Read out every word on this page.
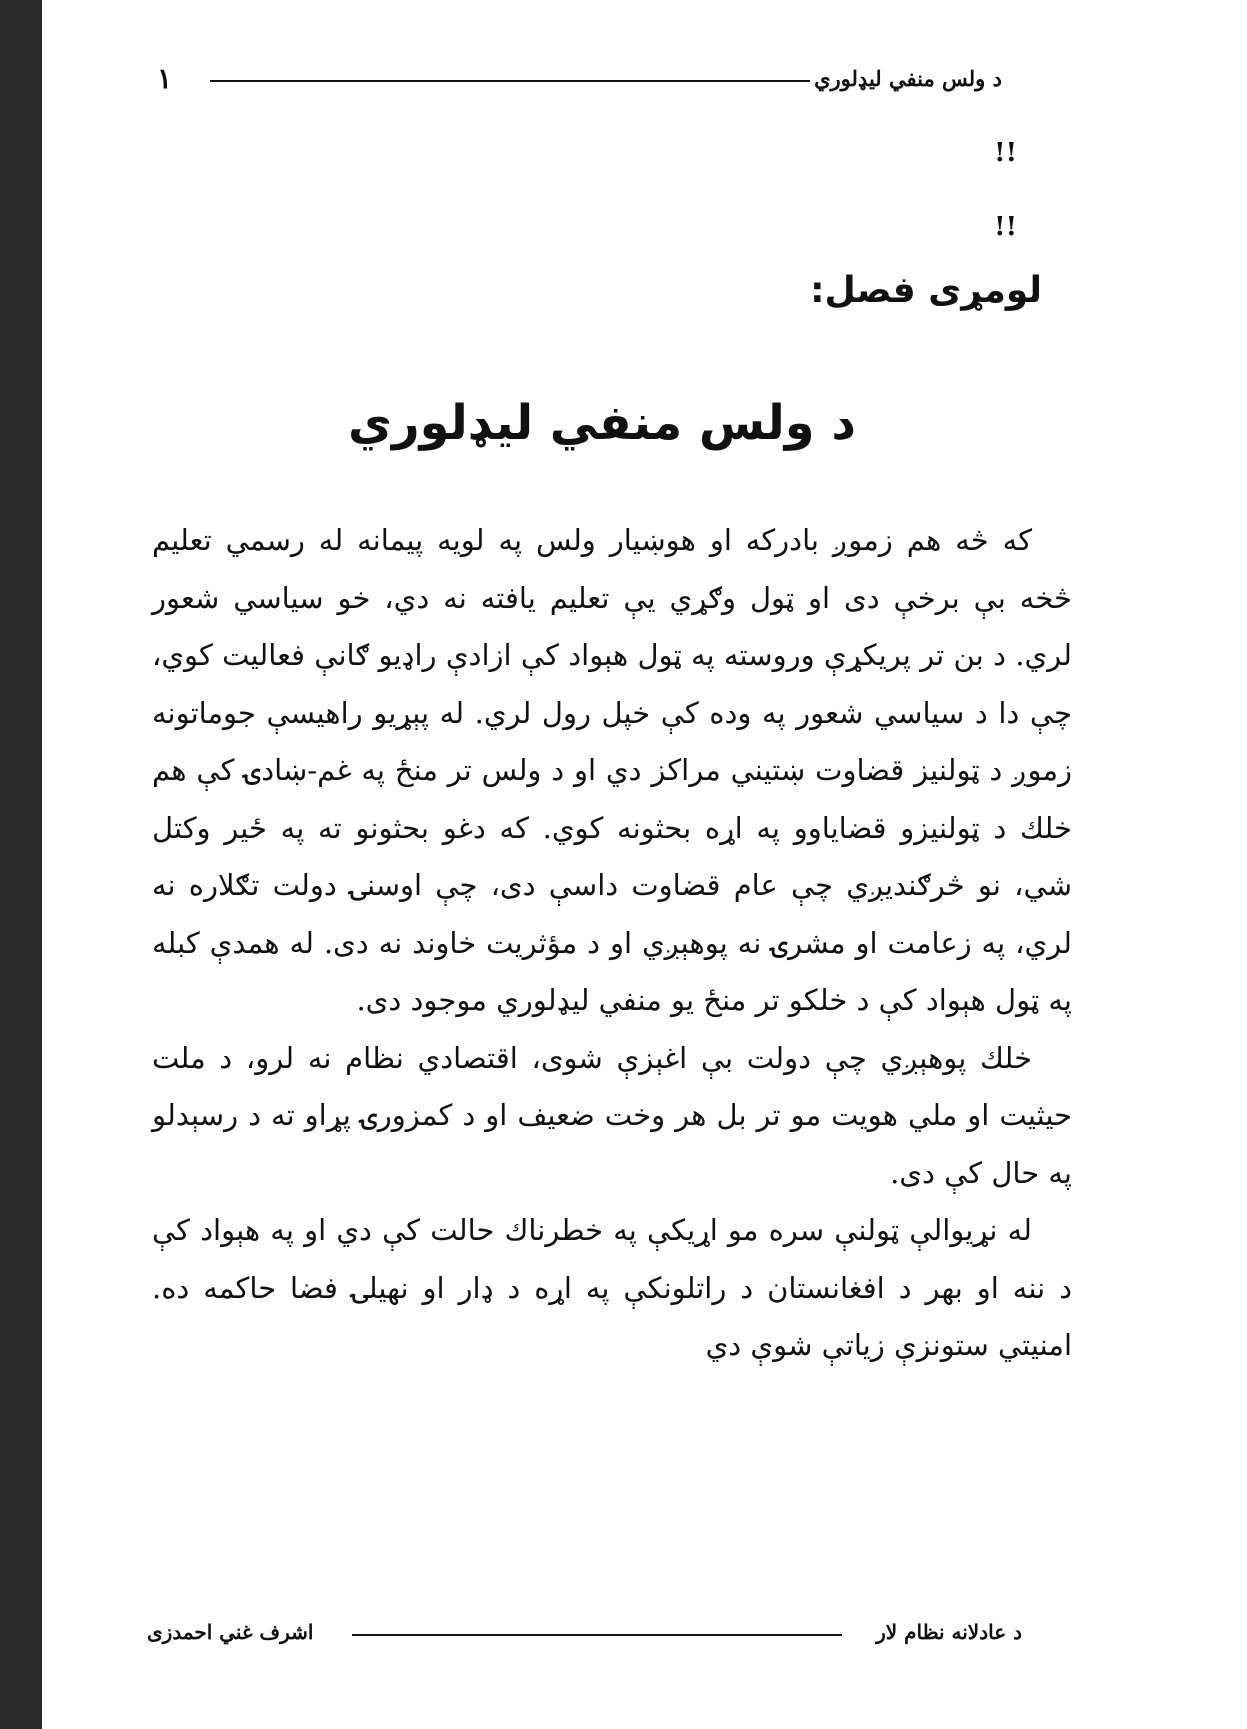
د ولس منفي ليډلوري
۱
!!
!!
لومړی فصل:
د ولس منفي ليډلوري

كه څه هم زموږ بادركه او هوښيار ولس په لويه پيمانه له رسمي تعليم څخه بې برخې دی او ټول وګړي يې تعليم يافته نه دي، خو سياسي شعور لري. د بن تر پريكړې وروسته په ټول هېواد كې ازادې راډيو ګانې فعاليت كوي، چې دا د سياسي شعور په وده كې خپل رول لري. له پېړيو راهيسې جوماتونه زموږ د ټولنيز قضاوت ښتيني مراكز دي او د ولس تر منځ په غم-ښادۍ كې هم خلك د ټولنيزو قضاياوو په اړه بحثونه كوي. كه دغو بحثونو ته په ځير وكتل شي، نو څرګنديږي چې عام قضاوت داسې دی، چې اوسنۍ دولت تګلاره نه لري، په زعامت او مشرۍ نه پوهېږي او د مؤثريت خاوند نه دی. له همدې كبله په ټول هېواد كې د خلكو تر منځ يو منفي ليډلوري موجود دی.

خلك پوهېږي چې دولت بې اغېزې شوی، اقتصادي نظام نه لرو، د ملت حيثيت او ملي هويت مو تر بل هر وخت ضعيف او د كمزورۍ پړاو ته د رسېدلو په حال كې دی.

له نړيوالې ټولنې سره مو اړيكې په خطرناك حالت كې دي او په هېواد كې د ننه او بهر د افغانستان د راتلونكې په اړه د ډار او نهيلۍ فضا حاكمه ده. امنيتي ستونزې زياتې شوې دي

د عادلانه نظام لار
اشرف غني احمدزی
